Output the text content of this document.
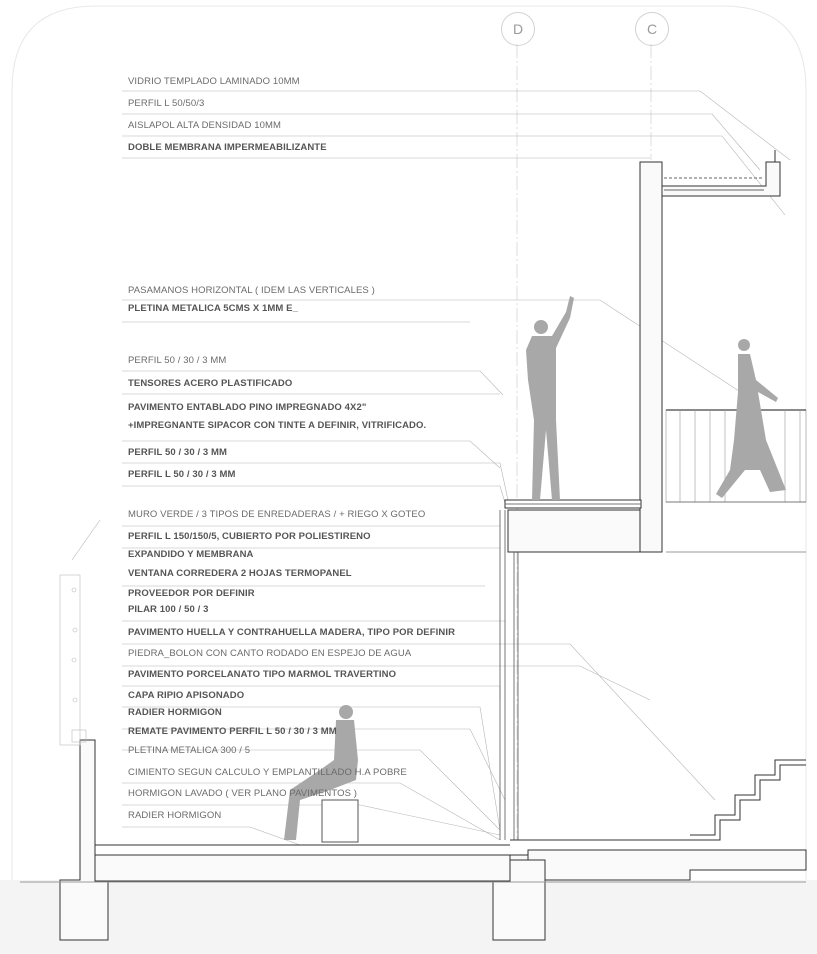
D	C
VIDRIO TEMPLADO LAMINADO 10MM
PERFIL L 50/50/3
AISLAPOL ALTA DENSIDAD 10MM
DOBLE MEMBRANA IMPERMEABILIZANTE
PASAMANOS HORIZONTAL ( IDEM LAS VERTICALES )
PLETINA METALICA 5CMS X 1MM E_
PERFIL 50 / 30 / 3 MM
TENSORES ACERO PLASTIFICADO
PAVIMENTO ENTABLADO PINO IMPREGNADO 4X2"
+IMPREGNANTE SIPACOR CON TINTE A DEFINIR, VITRIFICADO.
PERFIL 50 / 30 / 3 MM
PERFIL L 50 / 30 / 3 MM
MURO VERDE / 3 TIPOS DE ENREDADERAS / + RIEGO X GOTEO
PERFIL L 150/150/5, CUBIERTO POR POLIESTIRENO
EXPANDIDO Y MEMBRANA
VENTANA CORREDERA 2 HOJAS TERMOPANEL
PROVEEDOR POR DEFINIR
PILAR 100 / 50 / 3
PAVIMENTO HUELLA Y CONTRAHUELLA MADERA, TIPO POR DEFINIR
PIEDRA_BOLON CON CANTO RODADO EN ESPEJO DE AGUA
PAVIMENTO PORCELANATO TIPO MARMOL TRAVERTINO
CAPA RIPIO APISONADO
RADIER HORMIGON
REMATE PAVIMENTO PERFIL L 50 / 30 / 3 MM
PLETINA METALICA 300 / 5
CIMIENTO SEGUN CALCULO Y EMPLANTILLADO H.A POBRE
HORMIGON LAVADO ( VER PLANO PAVIMENTOS )
RADIER HORMIGON
